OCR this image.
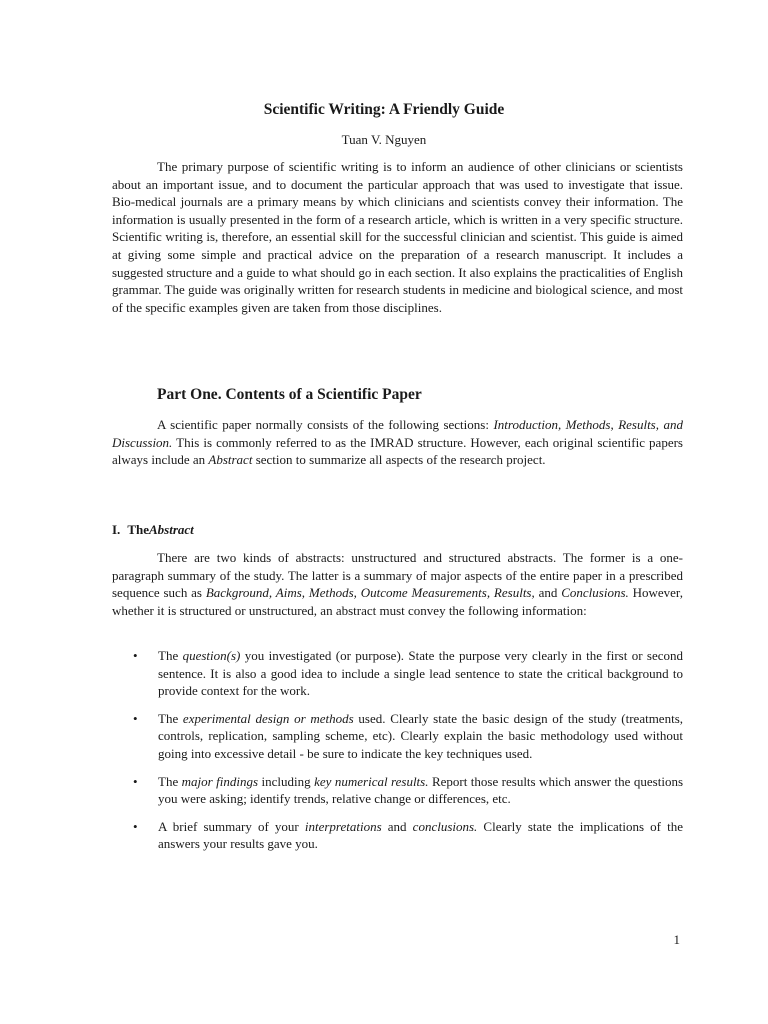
Scientific Writing: A Friendly Guide
Tuan V. Nguyen

The primary purpose of scientific writing is to inform an audience of other clinicians or scientists about an important issue, and to document the particular approach that was used to investigate that issue. Bio-medical journals are a primary means by which clinicians and scientists convey their information. The information is usually presented in the form of a research article, which is written in a very specific structure. Scientific writing is, therefore, an essential skill for the successful clinician and scientist. This guide is aimed at giving some simple and practical advice on the preparation of a research manuscript. It includes a suggested structure and a guide to what should go in each section. It also explains the practicalities of English grammar. The guide was originally written for research students in medicine and biological science, and most of the specific examples given are taken from those disciplines.

Part One. Contents of a Scientific Paper

A scientific paper normally consists of the following sections: Introduction, Methods, Results, and Discussion. This is commonly referred to as the IMRAD structure. However, each original scientific papers always include an Abstract section to summarize all aspects of the research project.

I. TheAbstract

There are two kinds of abstracts: unstructured and structured abstracts. The former is a one-paragraph summary of the study. The latter is a summary of major aspects of the entire paper in a prescribed sequence such as Background, Aims, Methods, Outcome Measurements, Results, and Conclusions. However, whether it is structured or unstructured, an abstract must convey the following information:

• The question(s) you investigated (or purpose). State the purpose very clearly in the first or second sentence. It is also a good idea to include a single lead sentence to state the critical background to provide context for the work.
• The experimental design or methods used. Clearly state the basic design of the study (treatments, controls, replication, sampling scheme, etc). Clearly explain the basic methodology used without going into excessive detail - be sure to indicate the key techniques used.
• The major findings including key numerical results. Report those results which answer the questions you were asking; identify trends, relative change or differences, etc.
• A brief summary of your interpretations and conclusions. Clearly state the implications of the answers your results gave you.
1
